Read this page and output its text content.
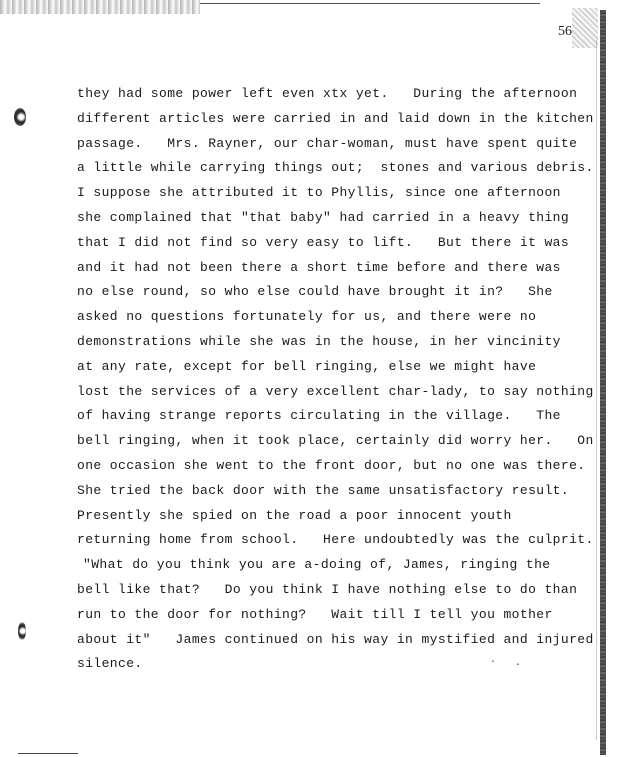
56
they had some power left even xtx yet.   During the afternoon
different articles were carried in and laid down in the kitchen
passage.   Mrs. Rayner, our char-woman, must have spent quite
a little while carrying things out;  stones and various debris.
I suppose she attributed it to Phyllis, since one afternoon
she complained that "that baby" had carried in a heavy thing
that I did not find so very easy to lift.   But there it was
and it had not been there a short time before and there was
no else round, so who else could have brought it in?   She
asked no questions fortunately for us, and there were no
demonstrations while she was in the house, in her vincinity
at any rate, except for bell ringing, else we might have
lost the services of a very excellent char-lady, to say nothing
of having strange reports circulating in the village.   The
bell ringing, when it took place, certainly did worry her.   On
one occasion she went to the front door, but no one was there.
She tried the back door with the same unsatisfactory result.
Presently she spied on the road a poor innocent youth
returning home from school.   Here undoubtedly was the culprit.
"What do you think you are a-doing of, James, ringing the
bell like that?   Do you think I have nothing else to do than
run to the door for nothing?   Wait till I tell you mother
about it"   James continued on his way in mystified and injured
silence.	· ·
